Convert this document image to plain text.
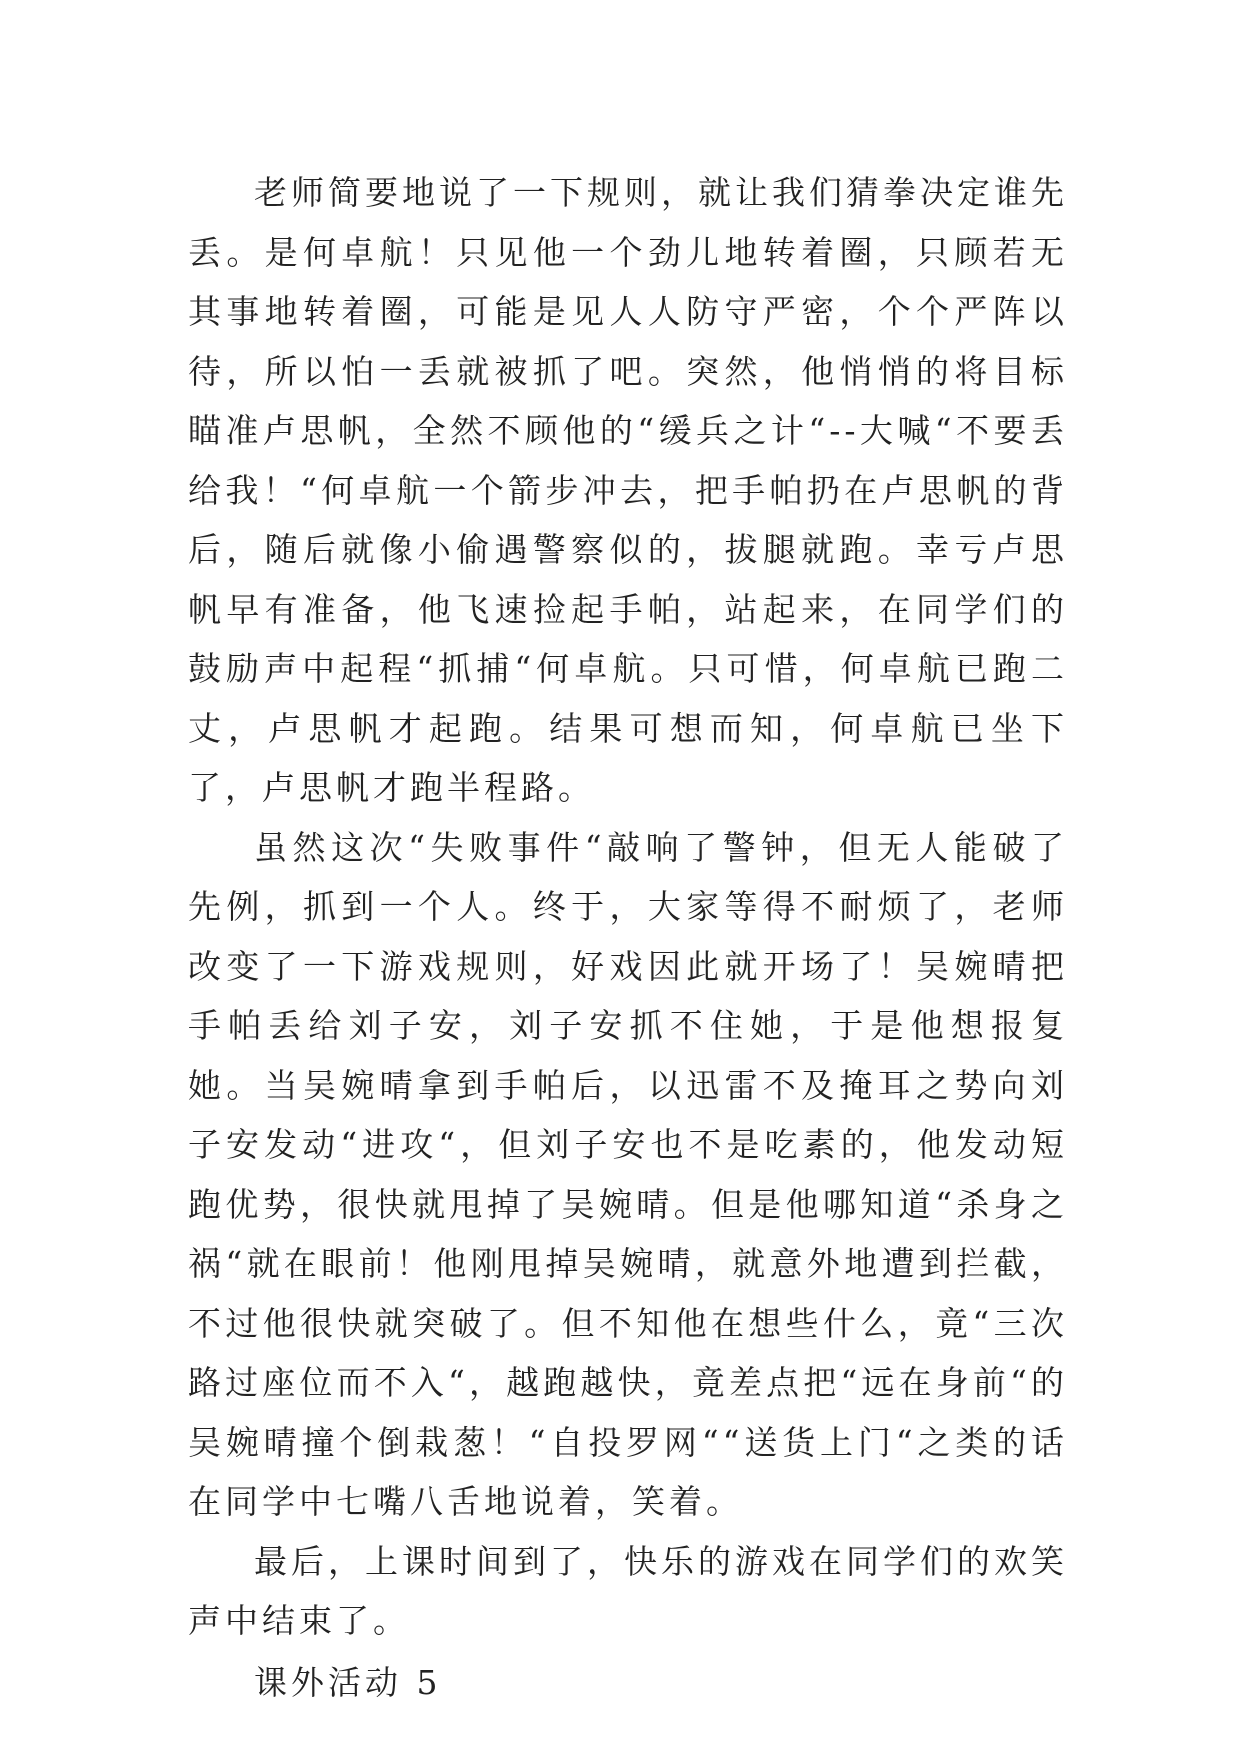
老师简要地说了一下规则，就让我们猜拳决定谁先丢。是何卓航！只见他一个劲儿地转着圈，只顾若无其事地转着圈，可能是见人人防守严密，个个严阵以待，所以怕一丢就被抓了吧。突然，他悄悄的将目标瞄准卢思帆，全然不顾他的“缓兵之计“--大喊“不要丢给我！“何卓航一个箭步冲去，把手帕扔在卢思帆的背后，随后就像小偷遇警察似的，拔腿就跑。幸亏卢思帆早有准备，他飞速捡起手帕，站起来，在同学们的鼓励声中起程“抓捕“何卓航。只可惜，何卓航已跑二丈，卢思帆才起跑。结果可想而知，何卓航已坐下了，卢思帆才跑半程路。

虽然这次“失败事件“敲响了警钟，但无人能破了先例，抓到一个人。终于，大家等得不耐烦了，老师改变了一下游戏规则，好戏因此就开场了！吴婉晴把手帕丢给刘子安，刘子安抓不住她，于是他想报复她。当吴婉晴拿到手帕后，以迅雷不及掩耳之势向刘子安发动“进攻“，但刘子安也不是吃素的，他发动短跑优势，很快就甩掉了吴婉晴。但是他哪知道“杀身之祸“就在眼前！他刚甩掉吴婉晴，就意外地遭到拦截，不过他很快就突破了。但不知他在想些什么，竟“三次路过座位而不入“，越跑越快，竟差点把“远在身前“的吴婉晴撞个倒栽葱！“自投罗网““送货上门“之类的话在同学中七嘴八舌地说着，笑着。

最后，上课时间到了，快乐的游戏在同学们的欢笑声中结束了。

课外活动 5
